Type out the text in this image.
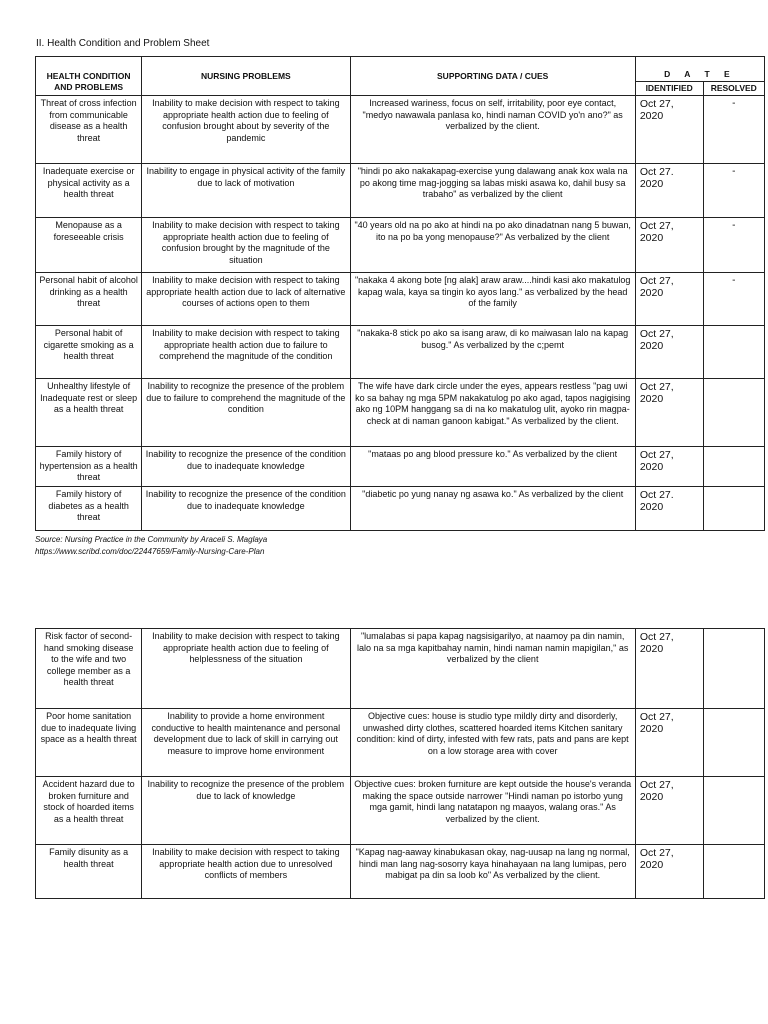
II. Health Condition and Problem Sheet
HEALTH CONDITION AND PROBLEMS	NURSING PROBLEMS	SUPPORTING DATA / CUES	D A T E	
			IDENTIFIED	RESOLVED
Threat of cross infection from communicable disease as a health threat	Inability to make decision with respect to taking appropriate health action due to feeling of confusion brought about by severity of the pandemic	Increased wariness, focus on self, irritability, poor eye contact, "medyo nawawala panlasa ko, hindi naman COVID yo'n ano?" as verbalized by the client.	Oct 27, 2020	-
Inadequate exercise or physical activity as a health threat	Inability to engage in physical activity of the family due to lack of motivation	"hindi po ako nakakapag-exercise yung dalawang anak kox wala na po akong time mag-jogging sa labas miski asawa ko, dahil busy sa trabaho" as verbalized by the client	Oct 27. 2020	-
Menopause as a foreseeable crisis	Inability to make decision with respect to taking appropriate health action due to feeling of confusion brought by the magnitude of the situation	"40 years old na po ako at hindi na po ako dinadatnan nang 5 buwan, ito na po ba yong menopause?" As verbalized by the client	Oct 27, 2020	-
Personal habit of alcohol drinking as a health threat	Inability to make decision with respect to taking appropriate health action due to lack of alternative courses of actions open to them	"nakaka 4 akong bote [ng alak] araw araw....hindi kasi ako makatulog kapag wala, kaya sa tingin ko ayos lang." as verbalized by the head of the family	Oct 27, 2020	-
Personal habit of cigarette smoking as a health threat	Inability to make decision with respect to taking appropriate health action due to failure to comprehend the magnitude of the condition	"nakaka-8 stick po ako sa isang araw, di ko maiwasan lalo na kapag busog." As verbalized by the c;pemt	Oct 27, 2020	
Unhealthy lifestyle of Inadequate rest or sleep as a health threat	Inability to recognize the presence of the problem due to failure to comprehend the magnitude of the condition	The wife have dark circle under the eyes, appears restless "pag uwi ko sa bahay ng mga 5PM nakakatulog po ako agad, tapos nagigising ako ng 10PM hanggang sa di na ko makatulog ulit, ayoko rin magpa-check at di naman ganoon kabigat." As verbalized by the client.	Oct 27, 2020	
Family history of hypertension as a health threat	Inability to recognize the presence of the condition due to inadequate knowledge	"mataas po ang blood pressure ko." As verbalized by the client	Oct 27, 2020	
Family history of diabetes as a health threat	Inability to recognize the presence of the condition due to inadequate knowledge	"diabetic po yung nanay ng asawa ko." As verbalized by the client	Oct 27. 2020	
Source: Nursing Practice in the Community by Araceli S. Maglaya
https://www.scribd.com/doc/22447659/Family-Nursing-Care-Plan
Risk factor of second-hand smoking disease to the wife and two college member as a health threat	Inability to make decision with respect to taking appropriate health action due to feeling of helplessness of the situation	"lumalabas si papa kapag nagsisigarilyo, at naamoy pa din namin, lalo na sa mga kapitbahay namin, hindi naman namin mapigilan," as verbalized by the client	Oct 27, 2020	
Poor home sanitation due to inadequate living space as a health threat	Inability to provide a home environment conductive to health maintenance and personal development due to lack of skill in carrying out measure to improve home environment	Objective cues: house is studio type mildly dirty and disorderly, unwashed dirty clothes, scattered hoarded items Kitchen sanitary condition: kind of dirty, infested with few rats, pats and pans are kept on a low storage area with cover	Oct 27, 2020	
Accident hazard due to broken furniture and stock of hoarded items as a health threat	Inability to recognize the presence of the problem due to lack of knowledge	Objective cues: broken furniture are kept outside the house's veranda making the space outside narrower "Hindi naman po istorbo yung mga gamit, hindi lang natatapon ng maayos, walang oras." As verbalized by the client.	Oct 27, 2020	
Family disunity as a health threat	Inability to make decision with respect to taking appropriate health action due to unresolved conflicts of members	"Kapag nag-aaway kinabukasan okay, nag-uusap na lang ng normal, hindi man lang nag-sosorry kaya hinahayaan na lang lumipas, pero mabigat pa din sa loob ko" As verbalized by the client.	Oct 27, 2020	
